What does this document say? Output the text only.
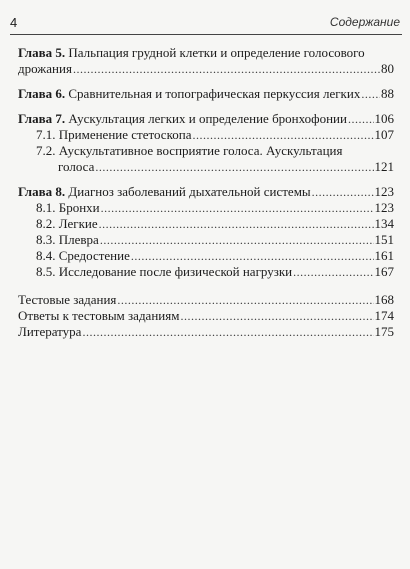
4	Содержание
Глава 5. Пальпация грудной клетки и определение голосового
дрожания .....	80
Глава 6. Сравнительная и топографическая перкуссия легких ..... 88
Глава 7. Аускультация легких и определение бронхофонии ..... 106
7.1. Применение стетоскопа .....	107
7.2. Аускультативное восприятие голоса. Аускультация
голоса .....	121
Глава 8. Диагноз заболеваний дыхательной системы .....	123
8.1. Бронхи .....	123
8.2. Легкие .....	134
8.3. Плевра .....	151
8.4. Средостение .....	161
8.5. Исследование после физической нагрузки .....	167
Тестовые задания .....	168
Ответы к тестовым заданиям .....	174
Литература .....	175
